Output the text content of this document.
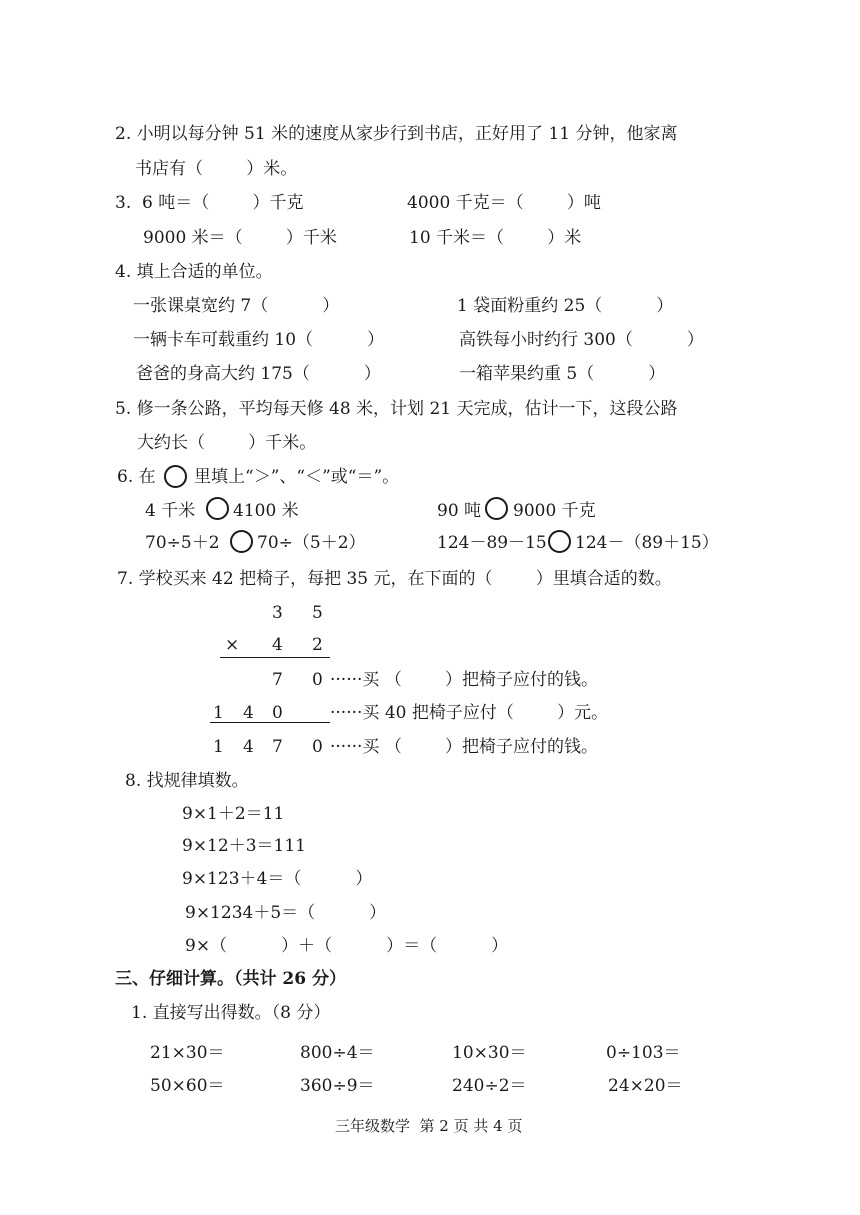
2. 小明以每分钟 51 米的速度从家步行到书店，正好用了 11 分钟，他家离
书店有（        ）米。
3.  6 吨＝（        ）千克	4000 千克＝（        ）吨
9000 米＝（        ）千米	10 千米＝（        ）米
4. 填上合适的单位。
一张课桌宽约 7（          ）	1 袋面粉重约 25（          ）
一辆卡车可载重约 10（          ）	高铁每小时约行 300（          ）
爸爸的身高大约 175（          ）	一箱苹果约重 5（          ）
5. 修一条公路，平均每天修 48 米，计划 21 天完成，估计一下，这段公路
大约长（        ）千米。
6. 在 里填上“＞”、“＜”或“＝”。
4 千米 4100 米	90 吨 9000 千克
70÷5＋2 70÷（5＋2）	124－89－15 124－（89＋15）
7. 学校买来 42 把椅子，每把 35 元，在下面的（        ）里填合适的数。
3 5
× 4 2
7 0 ······买 （        ）把椅子应付的钱。
1 4 0	······买 40 把椅子应付（        ）元。
1 4 7 0 ······买 （        ）把椅子应付的钱。
8. 找规律填数。
9×1＋2＝11
9×12＋3＝111
9×123＋4＝（          ）
9×1234＋5＝（          ）
9×（          ）＋（          ）＝（          ）
三、仔细计算。（共计 26 分）
1. 直接写出得数。（8 分）
21×30＝	800÷4＝	10×30＝	0÷103＝
50×60＝	360÷9＝	240÷2＝	24×20＝
三年级数学  第 2 页 共 4 页
